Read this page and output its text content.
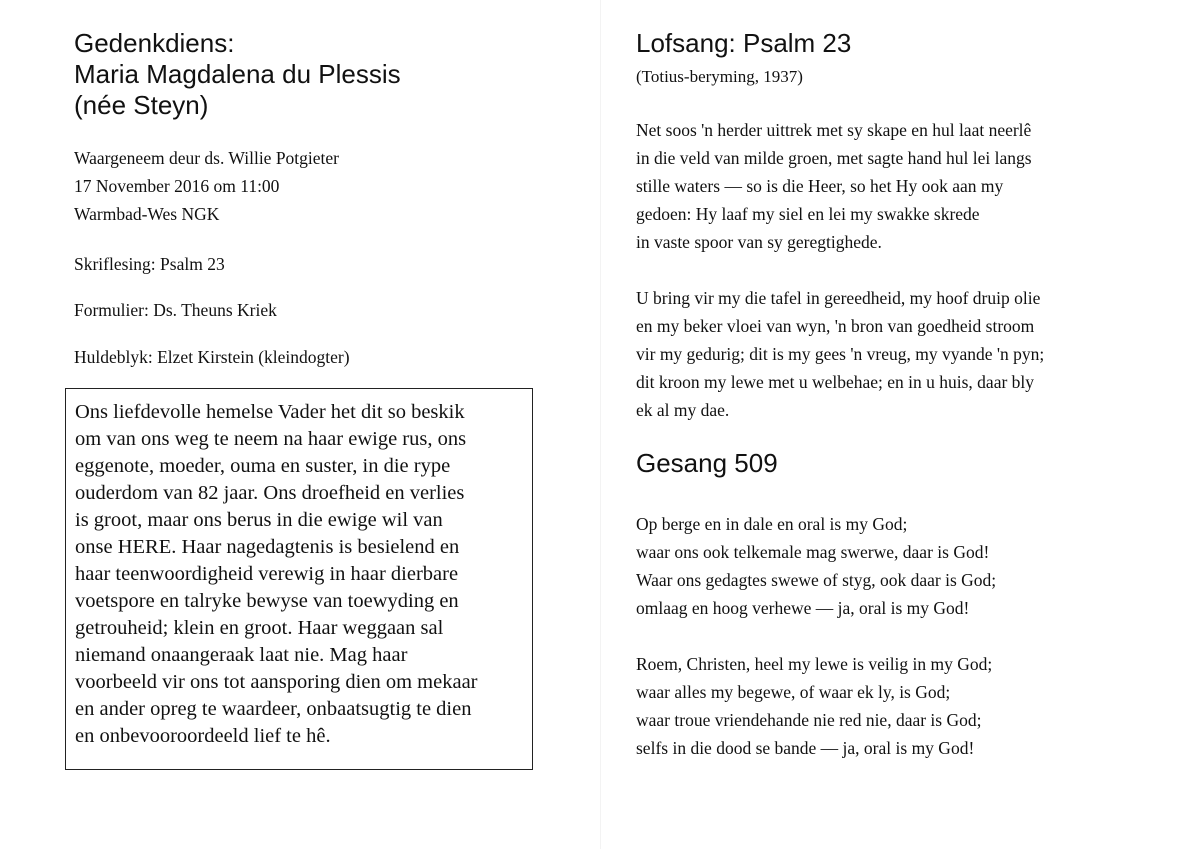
Gedenkdiens:
Maria Magdalena du Plessis
(née Steyn)
Waargeneem deur ds. Willie Potgieter
17 November 2016 om 11:00
Warmbad-Wes NGK
Skriflesing: Psalm 23
Formulier: Ds. Theuns Kriek
Huldeblyk: Elzet Kirstein (kleindogter)
Ons liefdevolle hemelse Vader het dit so beskik
om van ons weg te neem na haar ewige rus, ons
eggenote, moeder, ouma en suster, in die rype
ouderdom van 82 jaar. Ons droefheid en verlies
is groot, maar ons berus in die ewige wil van
onse HERE. Haar nagedagtenis is besielend en
haar teenwoordigheid verewig in haar dierbare
voetspore en talryke bewyse van toewyding en
getrouheid; klein en groot. Haar weggaan sal
niemand onaangeraak laat nie. Mag haar
voorbeeld vir ons tot aansporing dien om mekaar
en ander opreg te waardeer, onbaatsugtig te dien
en onbevooroordeeld lief te hê.
Lofsang: Psalm 23
(Totius-beryming, 1937)
Net soos 'n herder uittrek met sy skape en hul laat neerlê
in die veld van milde groen, met sagte hand hul lei langs
stille waters — so is die Heer, so het Hy ook aan my
gedoen: Hy laaf my siel en lei my swakke skrede
in vaste spoor van sy geregtighede.
U bring vir my die tafel in gereedheid, my hoof druip olie
en my beker vloei van wyn, 'n bron van goedheid stroom
vir my gedurig; dit is my gees 'n vreug, my vyande 'n pyn;
dit kroon my lewe met u welbehae; en in u huis, daar bly
ek al my dae.
Gesang 509
Op berge en in dale en oral is my God;
waar ons ook telkemale mag swerwe, daar is God!
Waar ons gedagtes swewe of styg, ook daar is God;
omlaag en hoog verhewe — ja, oral is my God!
Roem, Christen, heel my lewe is veilig in my God;
waar alles my begewe, of waar ek ly, is God;
waar troue vriendehande nie red nie, daar is God;
selfs in die dood se bande — ja, oral is my God!
